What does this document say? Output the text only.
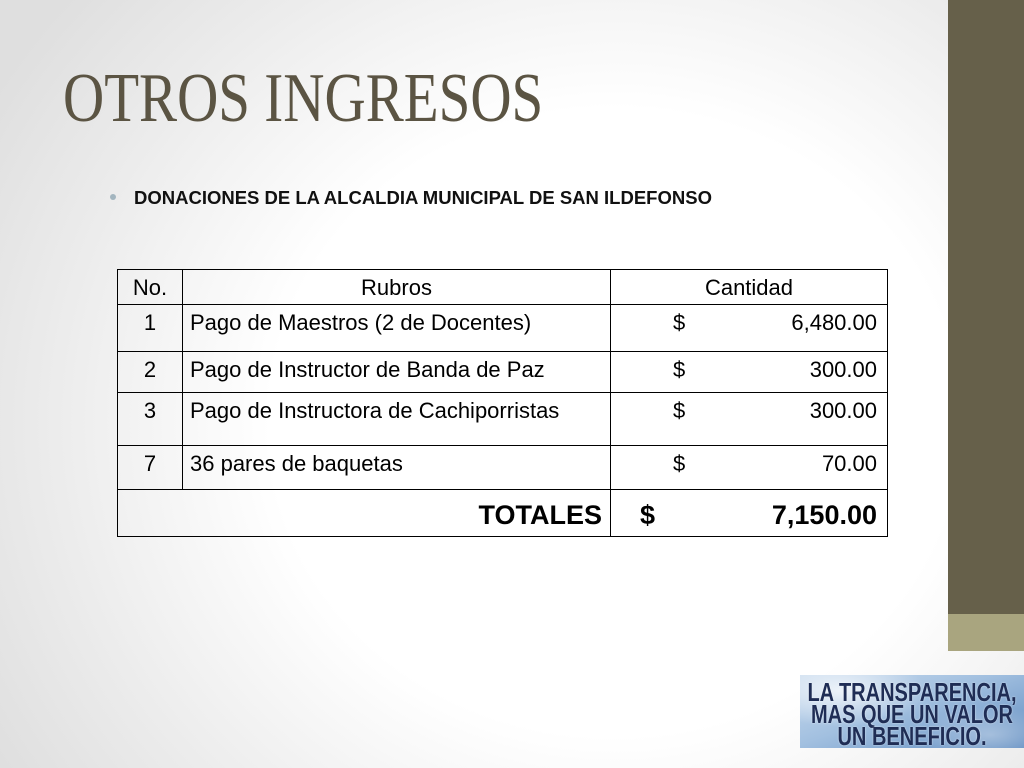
OTROS INGRESOS
DONACIONES DE LA ALCALDIA MUNICIPAL DE SAN ILDEFONSO
No.	Rubros	Cantidad
1	Pago de Maestros (2 de Docentes)	$ 6,480.00

2	Pago de Instructor de Banda de Paz	$ 300.00

3	Pago de Instructora de Cachiporristas	$ 300.00

7	36 pares de baquetas	$ 70.00

TOTALES		$ 7,150.00
LA TRANSPARENCIA,
MAS QUE UN VALOR
UN BENEFICIO.
